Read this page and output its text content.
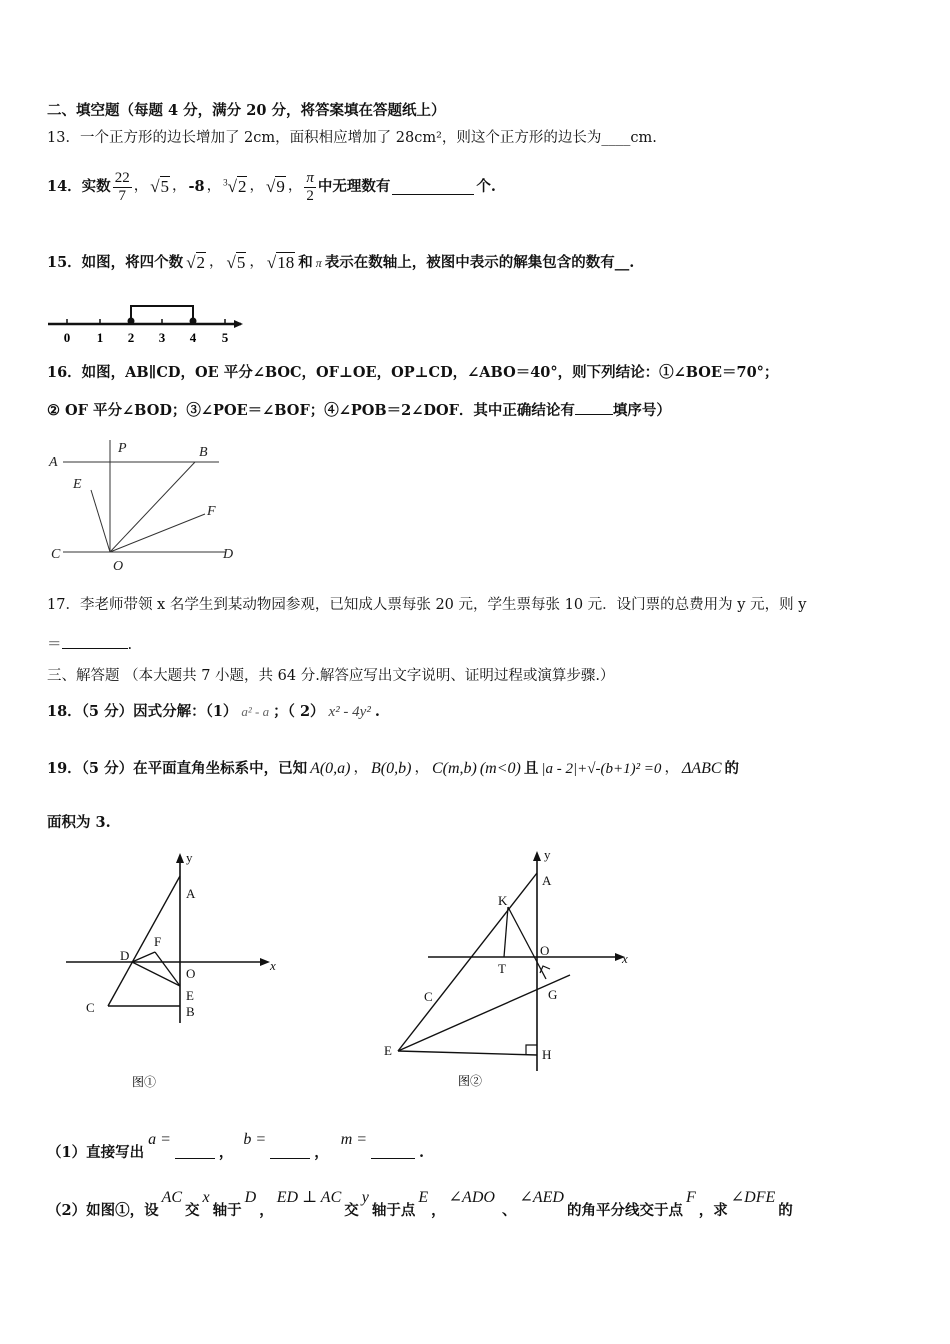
二、填空题（每题 4 分，满分 20 分，将答案填在答题纸上）
13．一个正方形的边长增加了 2cm，面积相应增加了 28cm²，则这个正方形的边长为____cm.
14．实数 $\frac{22}{7}$ ， √5 ， -8 ， $^3$√2 ， √9 ， $\frac{\pi}{2}$ 中无理数有	个.
15．如图，将四个数 √2 ， √5 ， √18 和 π 表示在数轴上，被图中表示的解集包含的数有__.
0 1 2 3 4 5
16．如图，AB∥CD，OE 平分∠BOC，OF⊥OE，OP⊥CD，∠ABO＝40°，则下列结论：①∠BOE＝70°；
② OF 平分∠BOD；③∠POE＝∠BOF；④∠POB＝2∠DOF．其中正确结论有	填序号）
A
P	B
E
F
C
O
D
17．李老师带领 x 名学生到某动物园参观，已知成人票每张 20 元，学生票每张 10 元．设门票的总费用为 y 元，则 y
＝	.
三、解答题 （本大题共 7 小题，共 64 分.解答应写出文字说明、证明过程或演算步骤.）
18．（5 分）因式分解：（1） a² - a ；（ 2） x² - 4y² .
19．（5 分）在平面直角坐标系中，已知 A(0,a) ， B(0,b) ， C(m,b) (m<0) 且 |a - 2|+√-(b+1)² =0 ， ΔABC 的
面积为 3.
y
A
D
F
O
x
C
E
B
图①
y
A
K
O
x
T
C	G
E	H
图②
（1）直接写出
a =
，
b =
，
m =
.
（2）如图①，设
AC
交
x
轴于
D
，
ED ⊥ AC
交
y
轴于点
E
，
∠ADO
、
∠AED
的角平分线交于点
F
，求
∠DFE
的
